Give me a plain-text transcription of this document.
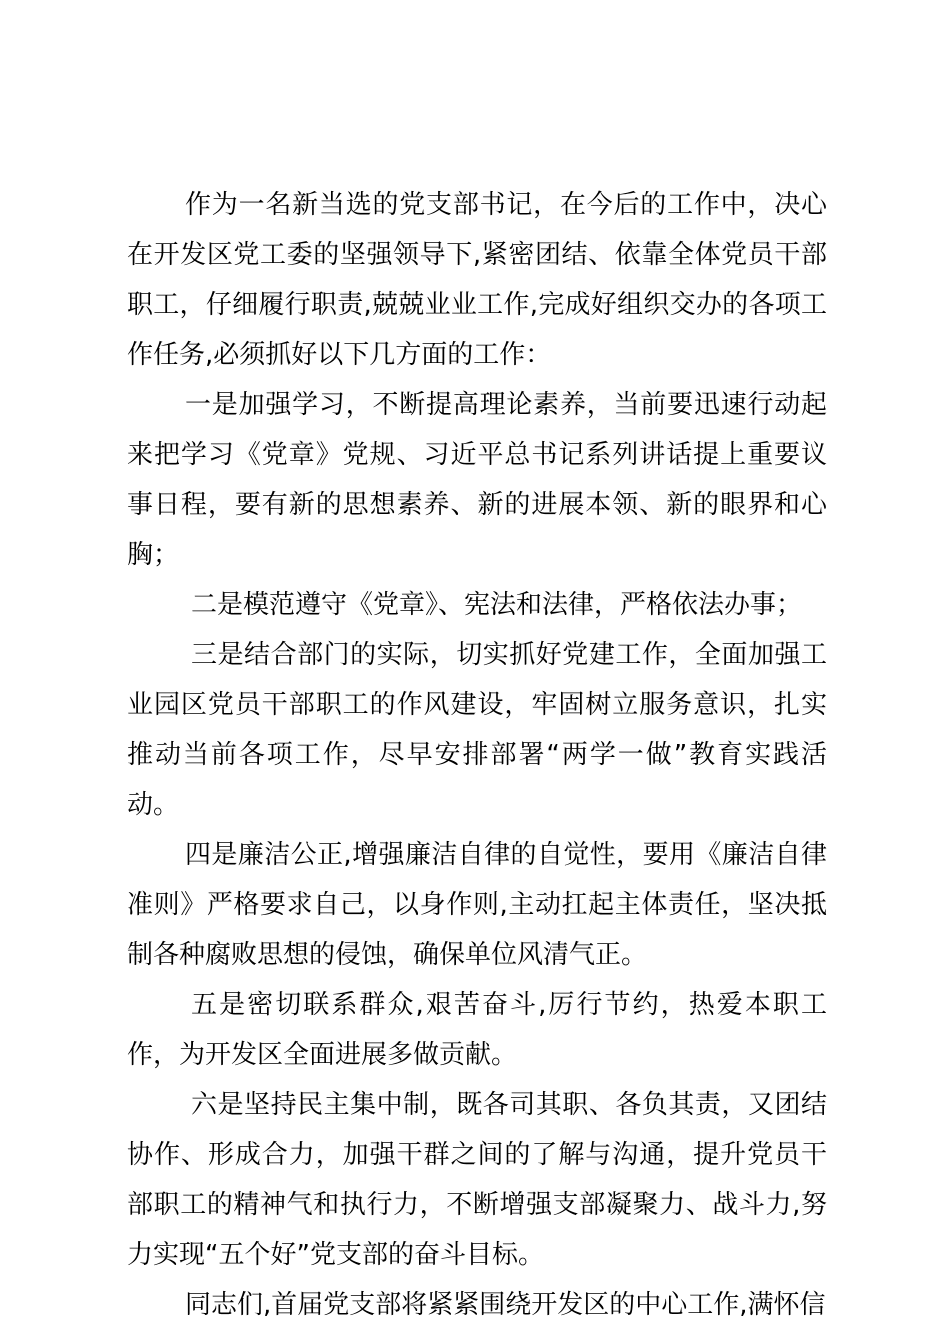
作为一名新当选的党支部书记，在今后的工作中，决心在开发区党工委的坚强领导下,紧密团结、依靠全体党员干部职工，仔细履行职责,兢兢业业工作,完成好组织交办的各项工作任务,必须抓好以下几方面的工作：

一是加强学习，不断提高理论素养，当前要迅速行动起来把学习《党章》党规、习近平总书记系列讲话提上重要议事日程，要有新的思想素养、新的进展本领、新的眼界和心胸；

二是模范遵守《党章》、宪法和法律，严格依法办事；

三是结合部门的实际，切实抓好党建工作，全面加强工业园区党员干部职工的作风建设，牢固树立服务意识，扎实推动当前各项工作，尽早安排部署“两学一做”教育实践活动。

四是廉洁公正,增强廉洁自律的自觉性，要用《廉洁自律准则》严格要求自己，以身作则,主动扛起主体责任，坚决抵制各种腐败思想的侵蚀，确保单位风清气正。

五是密切联系群众,艰苦奋斗,厉行节约，热爱本职工作，为开发区全面进展多做贡献。

六是坚持民主集中制，既各司其职、各负其责，又团结协作、形成合力，加强干群之间的了解与沟通，提升党员干部职工的精神气和执行力，不断增强支部凝聚力、战斗力,努力实现“五个好”党支部的奋斗目标。

同志们,首届党支部将紧紧围绕开发区的中心工作,满怀信
